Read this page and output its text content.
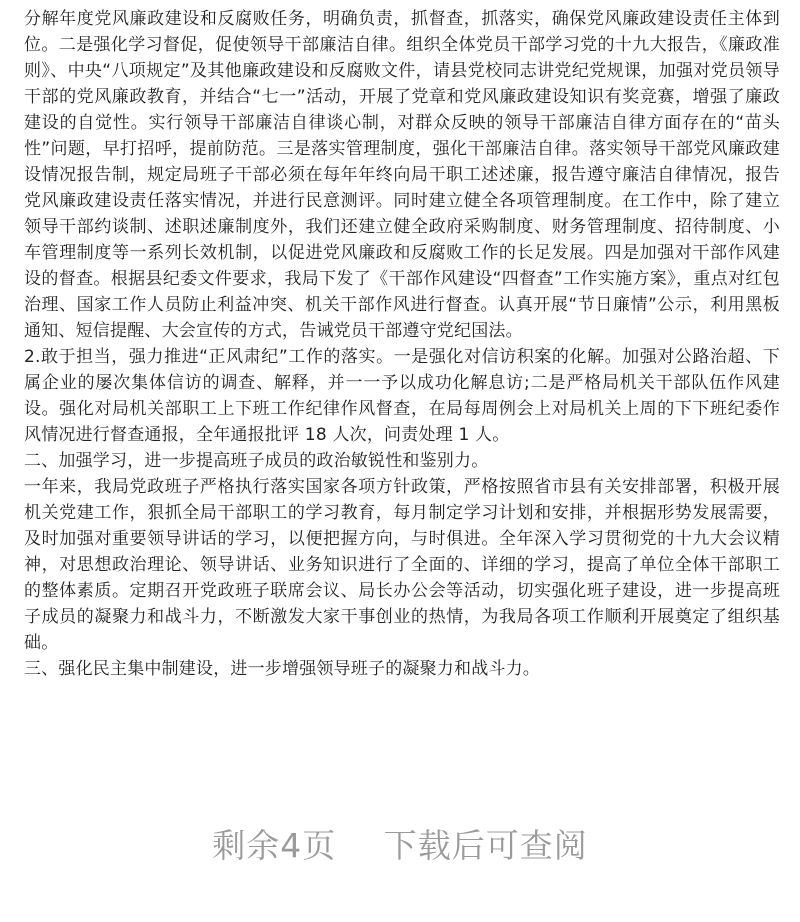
分解年度党风廉政建设和反腐败任务，明确负责，抓督查，抓落实，确保党风廉政建设责任主体到位。二是强化学习督促，促使领导干部廉洁自律。组织全体党员干部学习党的十九大报告，《廉政准则》、中央“八项规定”及其他廉政建设和反腐败文件，请县党校同志讲党纪党规课，加强对党员领导干部的党风廉政教育，并结合“七一”活动，开展了党章和党风廉政建设知识有奖竞赛，增强了廉政建设的自觉性。实行领导干部廉洁自律谈心制，对群众反映的领导干部廉洁自律方面存在的“苗头性”问题，早打招呼，提前防范。三是落实管理制度，强化干部廉洁自律。落实领导干部党风廉政建设情况报告制，规定局班子干部必须在每年年终向局干职工述述廉，报告遵守廉洁自律情况，报告党风廉政建设责任落实情况，并进行民意测评。同时建立健全各项管理制度。在工作中，除了建立领导干部约谈制、述职述廉制度外，我们还建立健全政府采购制度、财务管理制度、招待制度、小车管理制度等一系列长效机制，以促进党风廉政和反腐败工作的长足发展。四是加强对干部作风建设的督查。根据县纪委文件要求，我局下发了《干部作风建设“四督查”工作实施方案》，重点对红包治理、国家工作人员防止利益冲突、机关干部作风进行督查。认真开展“节日廉情”公示，利用黑板通知、短信提醒、大会宣传的方式，告诫党员干部遵守党纪国法。

2.敢于担当，强力推进“正风肃纪”工作的落实。一是强化对信访积案的化解。加强对公路治超、下属企业的屡次集体信访的调查、解释，并一一予以成功化解息访;二是严格局机关干部队伍作风建设。强化对局机关部职工上下班工作纪律作风督查，在局每周例会上对局机关上周的下下班纪委作风情况进行督查通报，全年通报批评 18 人次，问责处理 1 人。

二、加强学习，进一步提高班子成员的政治敏锐性和鉴别力。

一年来，我局党政班子严格执行落实国家各项方针政策，严格按照省市县有关安排部署，积极开展机关党建工作，狠抓全局干部职工的学习教育，每月制定学习计划和安排，并根据形势发展需要，及时加强对重要领导讲话的学习，以便把握方向，与时俱进。全年深入学习贯彻党的十九大会议精神，对思想政治理论、领导讲话、业务知识进行了全面的、详细的学习，提高了单位全体干部职工的整体素质。定期召开党政班子联席会议、局长办公会等活动，切实强化班子建设，进一步提高班子成员的凝聚力和战斗力，不断激发大家干事创业的热情，为我局各项工作顺利开展奠定了组织基础。

三、强化民主集中制建设，进一步增强领导班子的凝聚力和战斗力。

剩余4页 下载后可查阅
